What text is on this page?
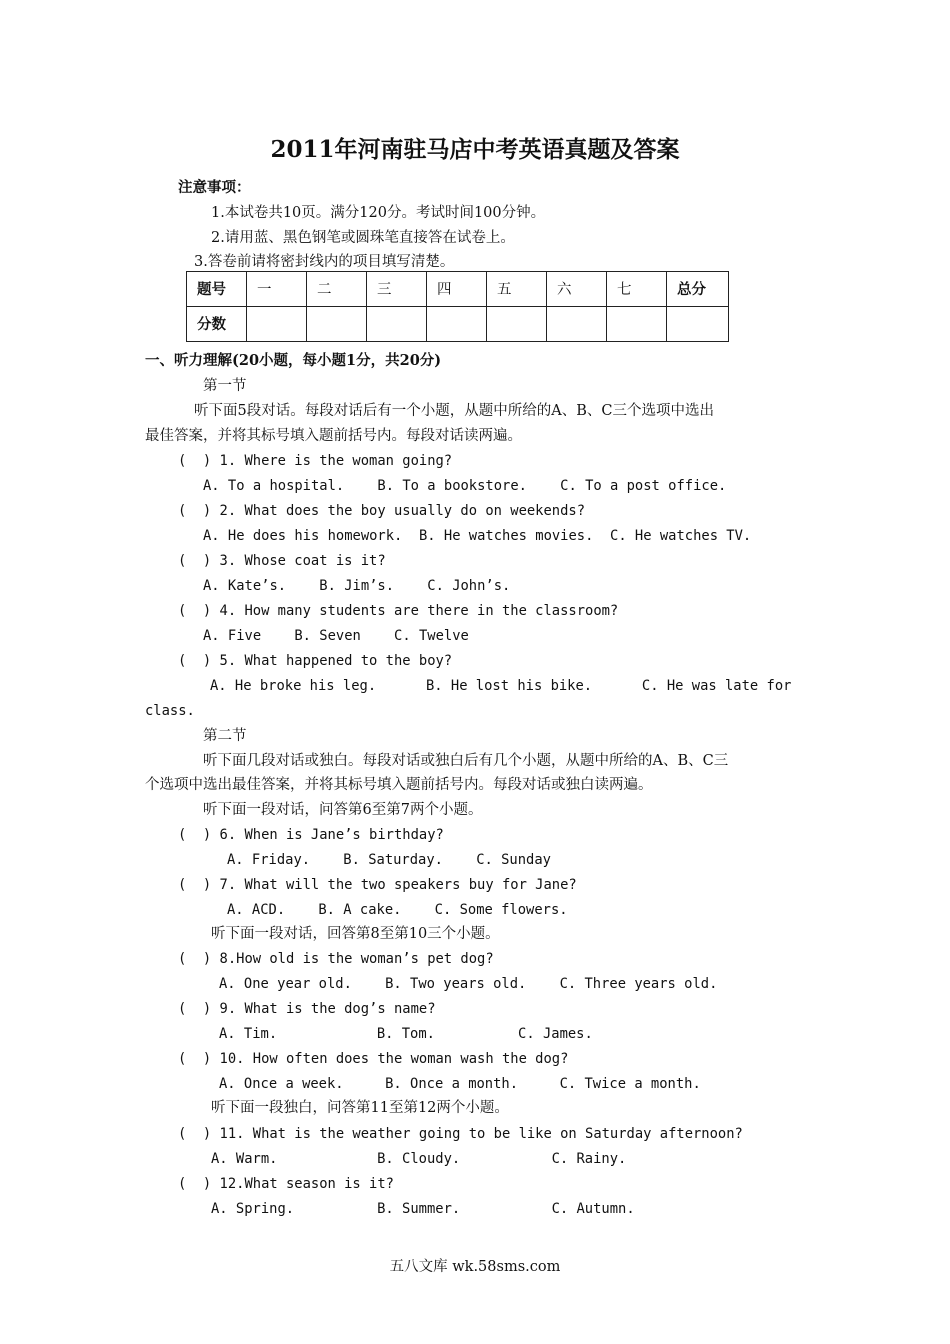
2011年河南驻马店中考英语真题及答案
注意事项：
1.本试卷共10页。满分120分。考试时间100分钟。
2.请用蓝、黑色钢笔或圆珠笔直接答在试卷上。
3.答卷前请将密封线内的项目填写清楚。
题号	一	二	三	四	五	六	七	总分
分数								
一、听力理解(20小题，每小题1分，共20分)
第一节
听下面5段对话。每段对话后有一个小题，从题中所给的A、B、C三个选项中选出
最佳答案，并将其标号填入题前括号内。每段对话读两遍。
(  ) 1. Where is the woman going?
A. To a hospital.    B. To a bookstore.    C. To a post office.
(  ) 2. What does the boy usually do on weekends?
A. He does his homework.  B. He watches movies.  C. He watches TV.
(  ) 3. Whose coat is it?
A. Kate’s.    B. Jim’s.    C. John’s.
(  ) 4. How many students are there in the classroom?
A. Five    B. Seven    C. Twelve
(  ) 5. What happened to the boy?
A. He broke his leg.      B. He lost his bike.      C. He was late for
class.
第二节
听下面几段对话或独白。每段对话或独白后有几个小题，从题中所给的A、B、C三
个选项中选出最佳答案，并将其标号填入题前括号内。每段对话或独白读两遍。
听下面一段对话，问答第6至第7两个小题。
(  ) 6. When is Jane’s birthday?
A. Friday.    B. Saturday.    C. Sunday
(  ) 7. What will the two speakers buy for Jane?
A. ACD.    B. A cake.    C. Some flowers.
听下面一段对话，回答第8至第10三个小题。
(  ) 8.How old is the woman’s pet dog?
A. One year old.    B. Two years old.    C. Three years old.
(  ) 9. What is the dog’s name?
A. Tim.            B. Tom.          C. James.
(  ) 10. How often does the woman wash the dog?
A. Once a week.     B. Once a month.     C. Twice a month.
听下面一段独白，问答第11至第12两个小题。
(  ) 11. What is the weather going to be like on Saturday afternoon?
A. Warm.            B. Cloudy.           C. Rainy.
(  ) 12.What season is it?
A. Spring.          B. Summer.           C. Autumn.
五八文库 wk.58sms.com
